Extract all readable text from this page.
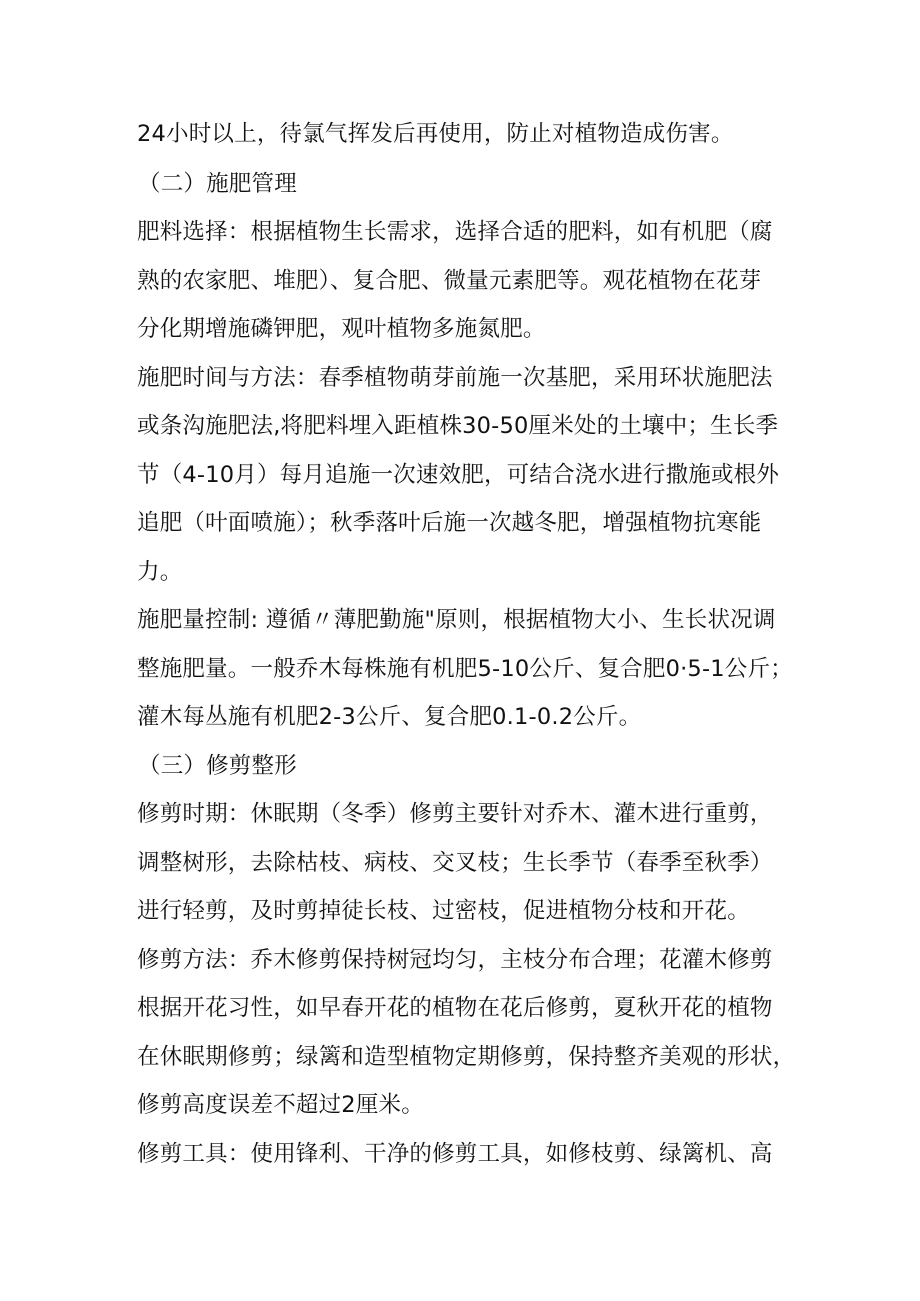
24小时以上，待氯气挥发后再使用，防止对植物造成伤害。
（二）施肥管理
肥料选择：根据植物生长需求，选择合适的肥料，如有机肥（腐
熟的农家肥、堆肥）、复合肥、微量元素肥等。观花植物在花芽
分化期增施磷钾肥，观叶植物多施氮肥。
施肥时间与方法：春季植物萌芽前施一次基肥，采用环状施肥法
或条沟施肥法,将肥料埋入距植株30-50厘米处的土壤中；生长季
节（4-10月）每月追施一次速效肥，可结合浇水进行撒施或根外
追肥（叶面喷施）；秋季落叶后施一次越冬肥，增强植物抗寒能
力。
施肥量控制: 遵循〃薄肥勤施"原则，根据植物大小、生长状况调
整施肥量。一般乔木每株施有机肥5-10公斤、复合肥0·5-1公斤；
灌木每丛施有机肥2-3公斤、复合肥0.1-0.2公斤。
（三）修剪整形
修剪时期：休眠期（冬季）修剪主要针对乔木、灌木进行重剪，
调整树形，去除枯枝、病枝、交叉枝；生长季节（春季至秋季）
进行轻剪，及时剪掉徒长枝、过密枝，促进植物分枝和开花。
修剪方法：乔木修剪保持树冠均匀，主枝分布合理；花灌木修剪
根据开花习性，如早春开花的植物在花后修剪，夏秋开花的植物
在休眠期修剪；绿篱和造型植物定期修剪，保持整齐美观的形状，
修剪高度误差不超过2厘米。
修剪工具：使用锋利、干净的修剪工具，如修枝剪、绿篱机、高
